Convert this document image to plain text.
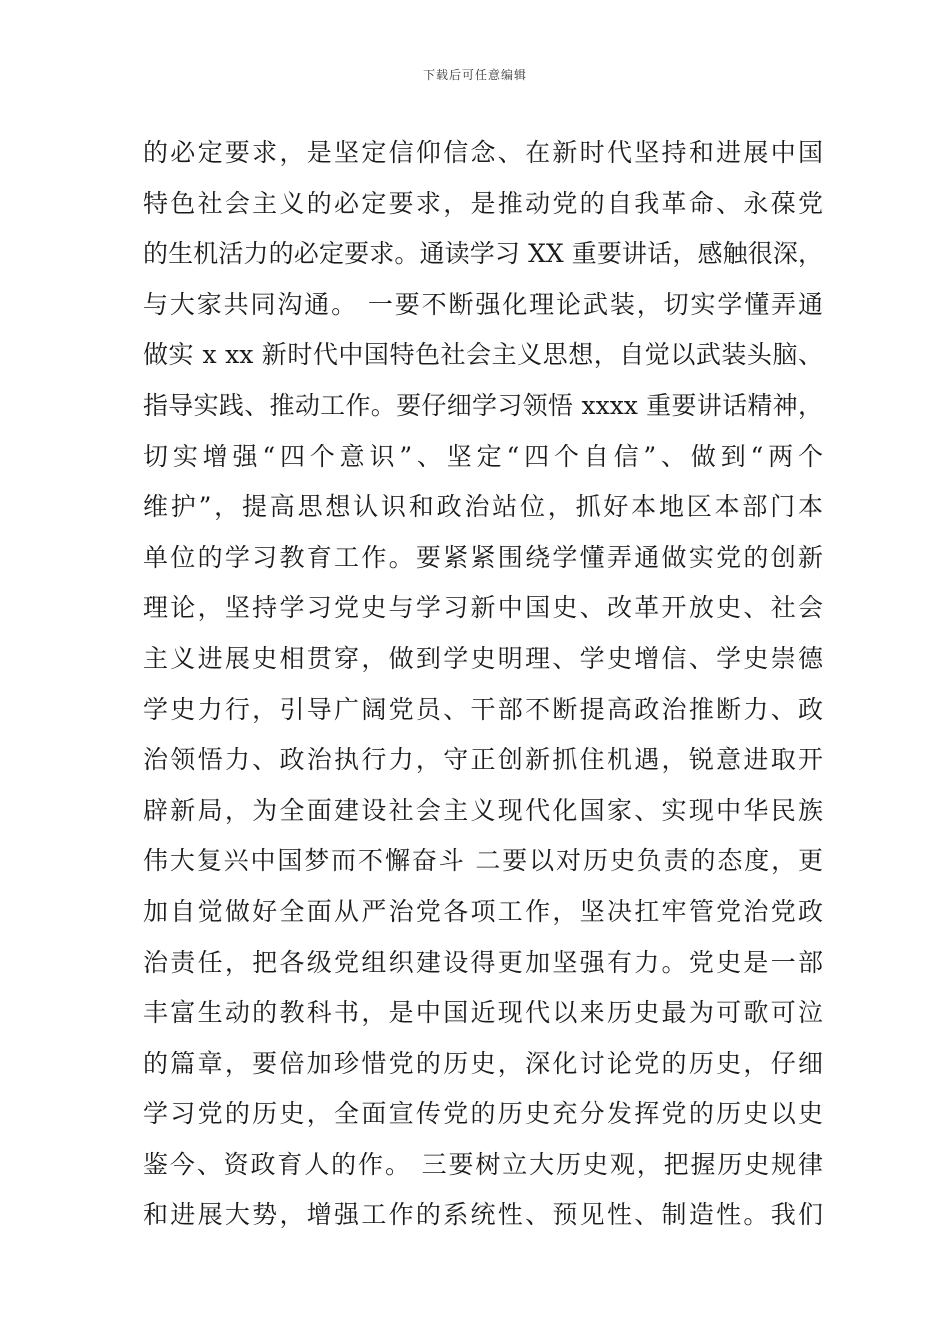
下载后可任意编辑
的必定要求，是坚定信仰信念、在新时代坚持和进展中国
特色社会主义的必定要求，是推动党的自我革命、永葆党
的生机活力的必定要求。通读学习 XX 重要讲话，感触很深，
与大家共同沟通。 一要不断强化理论武装，切实学懂弄通
做实 x xx 新时代中国特色社会主义思想，自觉以武装头脑、
指导实践、推动工作。要仔细学习领悟 xxxx 重要讲话精神，
切实增强“四个意识”、坚定“四个自信”、做到“两个
维护”，提高思想认识和政治站位，抓好本地区本部门本
单位的学习教育工作。要紧紧围绕学懂弄通做实党的创新
理论，坚持学习党史与学习新中国史、改革开放史、社会
主义进展史相贯穿，做到学史明理、学史增信、学史崇德
学史力行，引导广阔党员、干部不断提高政治推断力、政
治领悟力、政治执行力，守正创新抓住机遇，锐意进取开
辟新局，为全面建设社会主义现代化国家、实现中华民族
伟大复兴中国梦而不懈奋斗 二要以对历史负责的态度，更
加自觉做好全面从严治党各项工作，坚决扛牢管党治党政
治责任，把各级党组织建设得更加坚强有力。党史是一部
丰富生动的教科书，是中国近现代以来历史最为可歌可泣
的篇章，要倍加珍惜党的历史，深化讨论党的历史，仔细
学习党的历史，全面宣传党的历史充分发挥党的历史以史
鉴今、资政育人的作。 三要树立大历史观，把握历史规律
和进展大势，增强工作的系统性、预见性、制造性。我们
